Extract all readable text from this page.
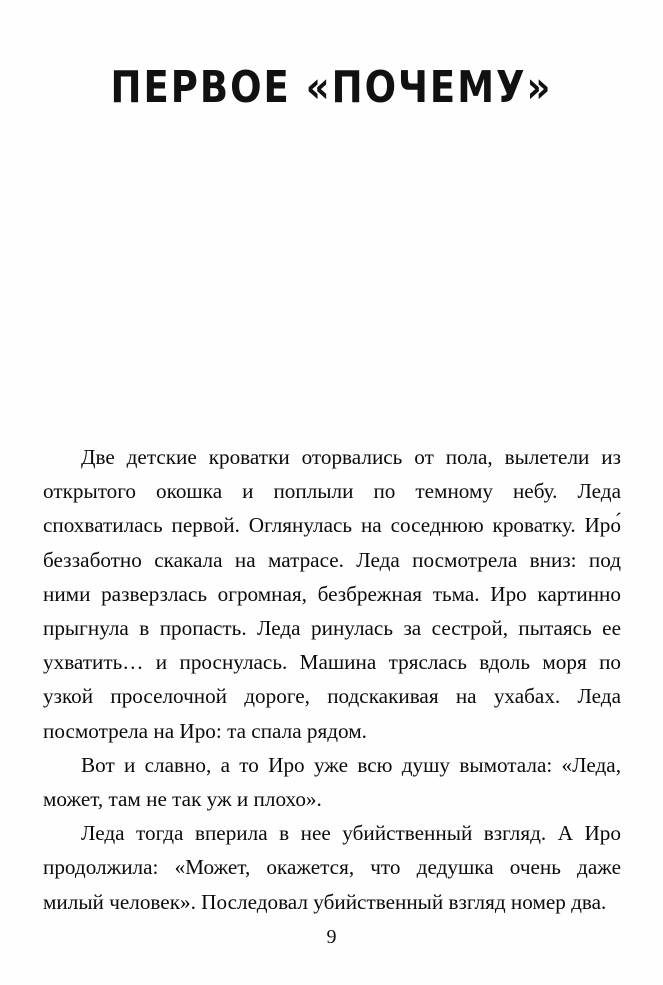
ΠΕΡΒΟΕ «ΠΟЧΕΜУ»

Две детские кроватки оторвались от пола, вылетели из открытого окошка и поплыли по темному небу. Леда спохватилась первой. Оглянулась на соседнюю кроватку. Иро́ беззаботно скакала на матрасе. Леда посмотрела вниз: под ними разверзлась огромная, безбрежная тьма. Иро картинно прыгнула в пропасть. Леда ринулась за сестрой, пытаясь ее ухватить… и проснулась. Машина тряслась вдоль моря по узкой проселочной дороге, подскакивая на ухабах. Леда посмотрела на Иро: та спала рядом.

Вот и славно, а то Иро уже всю душу вымотала: «Леда, может, там не так уж и плохо».

Леда тогда вперила в нее убийственный взгляд. А Иро продолжила: «Может, окажется, что дедушка очень даже милый человек». Последовал убийственный взгляд номер два.

9
